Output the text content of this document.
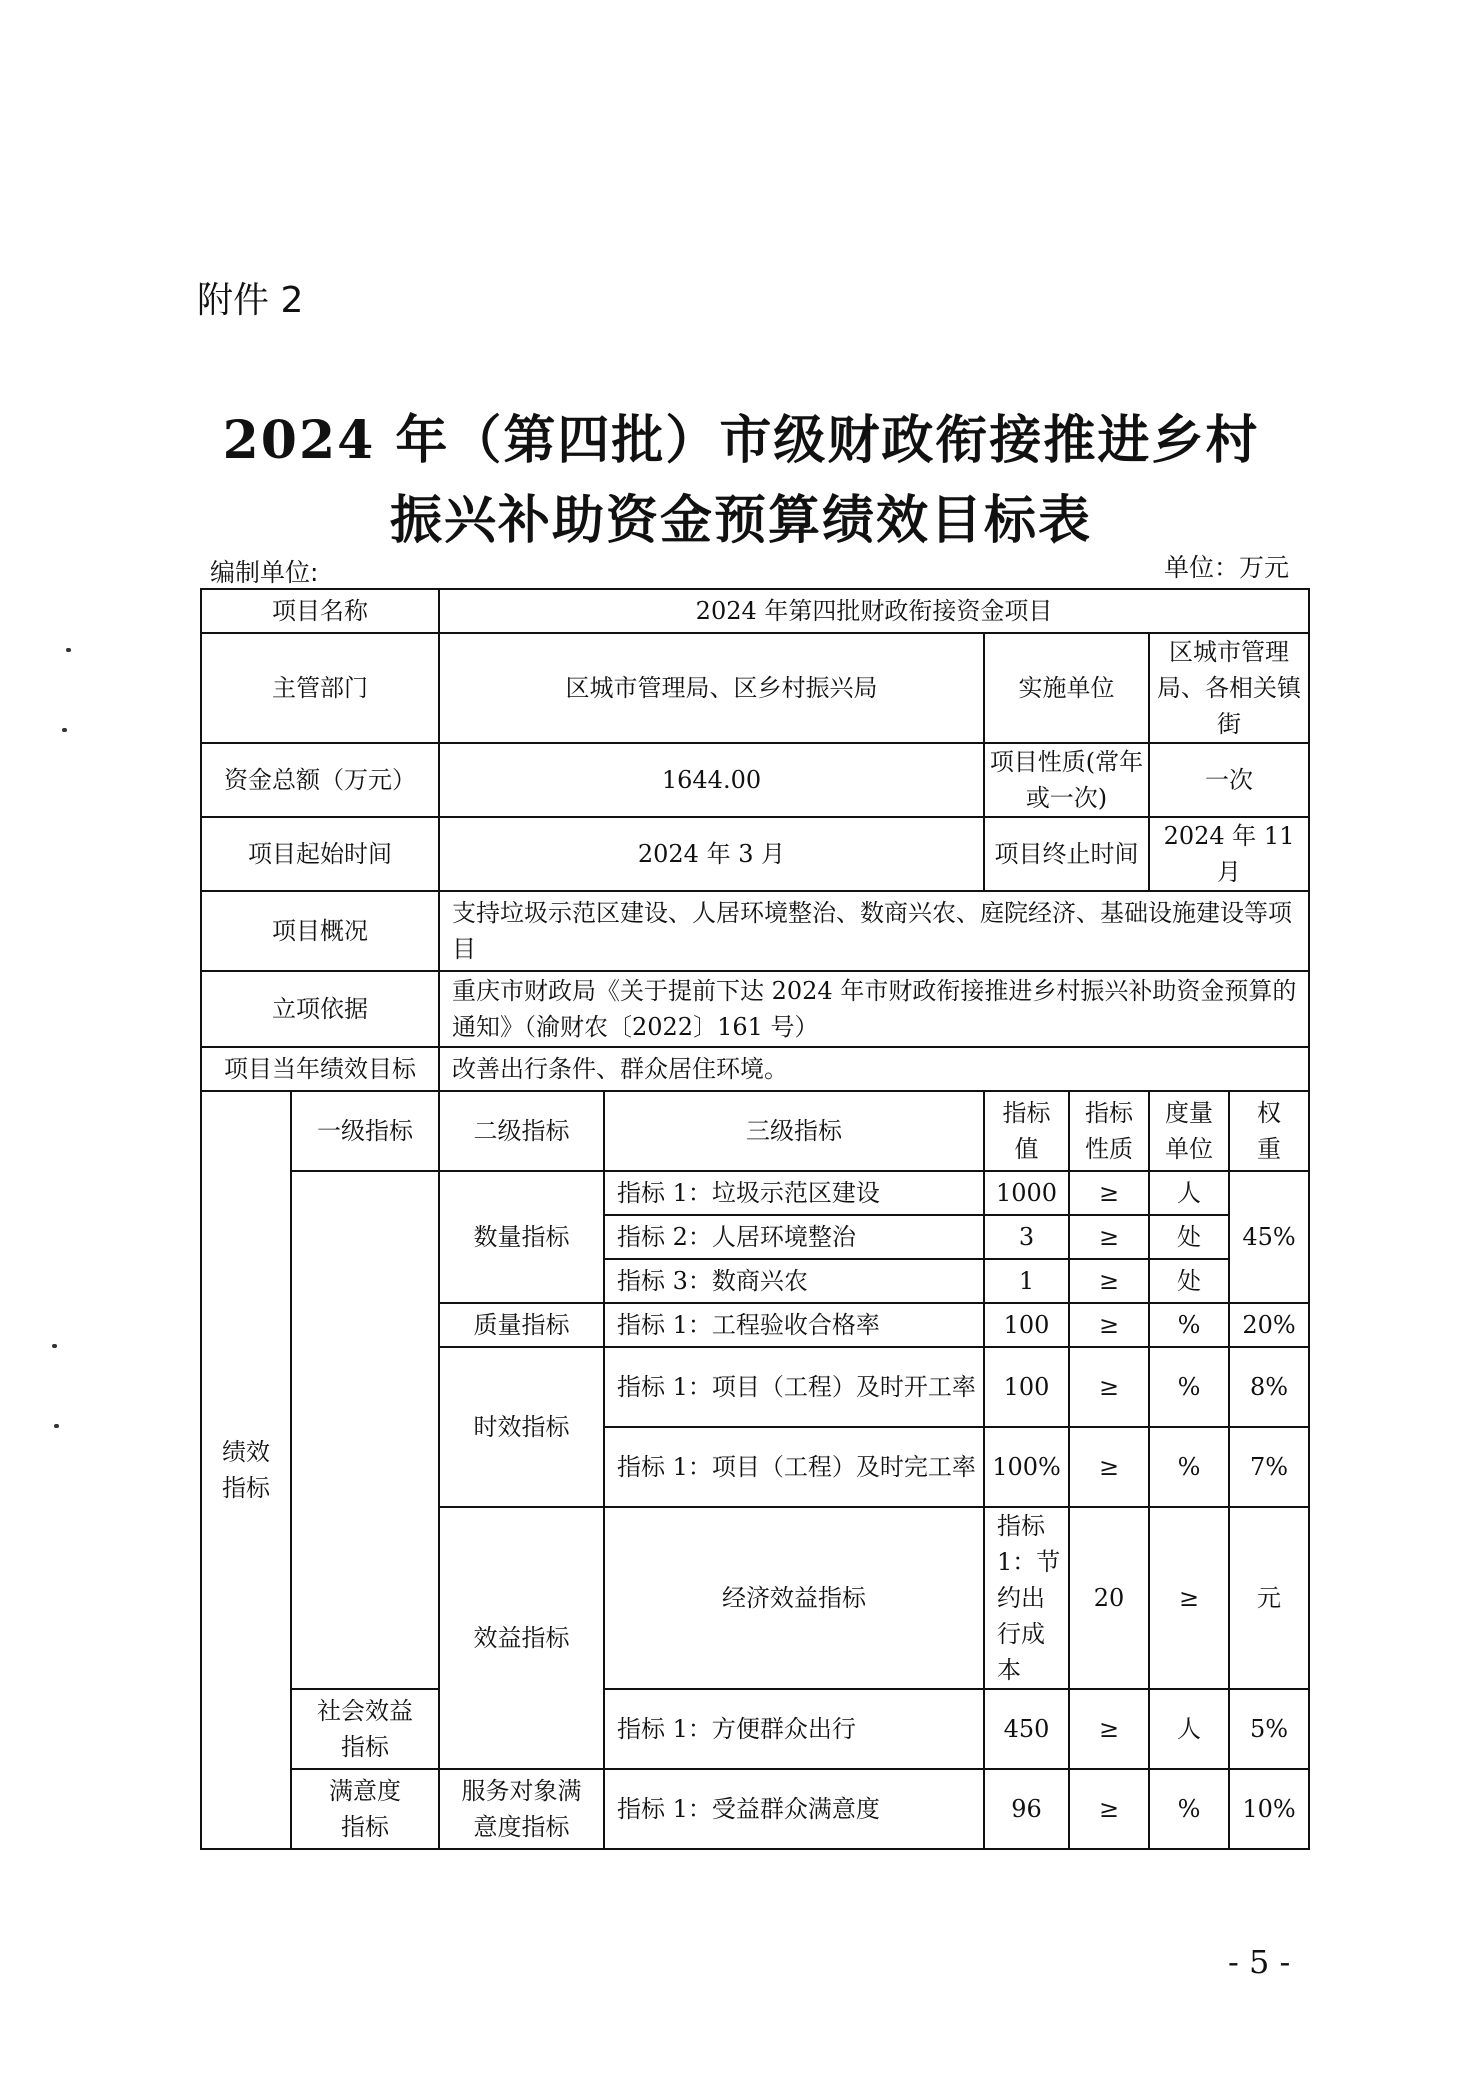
附件 2
2024 年（第四批）市级财政衔接推进乡村
振兴补助资金预算绩效目标表
编制单位:	单位：万元
项目名称		2024 年第四批财政衔接资金项目						
主管部门		区城市管理局、区乡村振兴局		实施单位		区城市管理局、各相关镇街		
资金总额（万元）		1644.00		项目性质(常年或一次)		一次		
项目起始时间		2024 年 3 月		项目终止时间		2024 年 11 月		
项目概况		支持垃圾示范区建设、人居环境整治、数商兴农、庭院经济、基础设施建设等项目						
立项依据		重庆市财政局《关于提前下达 2024 年市财政衔接推进乡村振兴补助资金预算的通知》（渝财农〔2022〕161 号）						
项目当年绩效目标		改善出行条件、群众居住环境。						
绩效指标	一级指标	二级指标	三级指标	指标值	指标性质	度量单位	权重	
		数量指标	指标 1：垃圾示范区建设	1000	≥	人	45%	
			指标 2：人居环境整治	3	≥	处		
			指标 3：数商兴农	1	≥	处		
		质量指标	指标 1：工程验收合格率	100	≥	%	20%	
		时效指标	指标 1：项目（工程）及时开工率	100	≥	%	8%	
			指标 1：项目（工程）及时完工率	100%	≥	%	7%	
		效益指标	经济效益指标	指标 1：节约出行成本	20	≥	元	
	社会效益指标		指标 1：方便群众出行	450	≥	人	5%	
	满意度指标	服务对象满意度指标	指标 1：受益群众满意度	96	≥	%	10%	
- 5 -
